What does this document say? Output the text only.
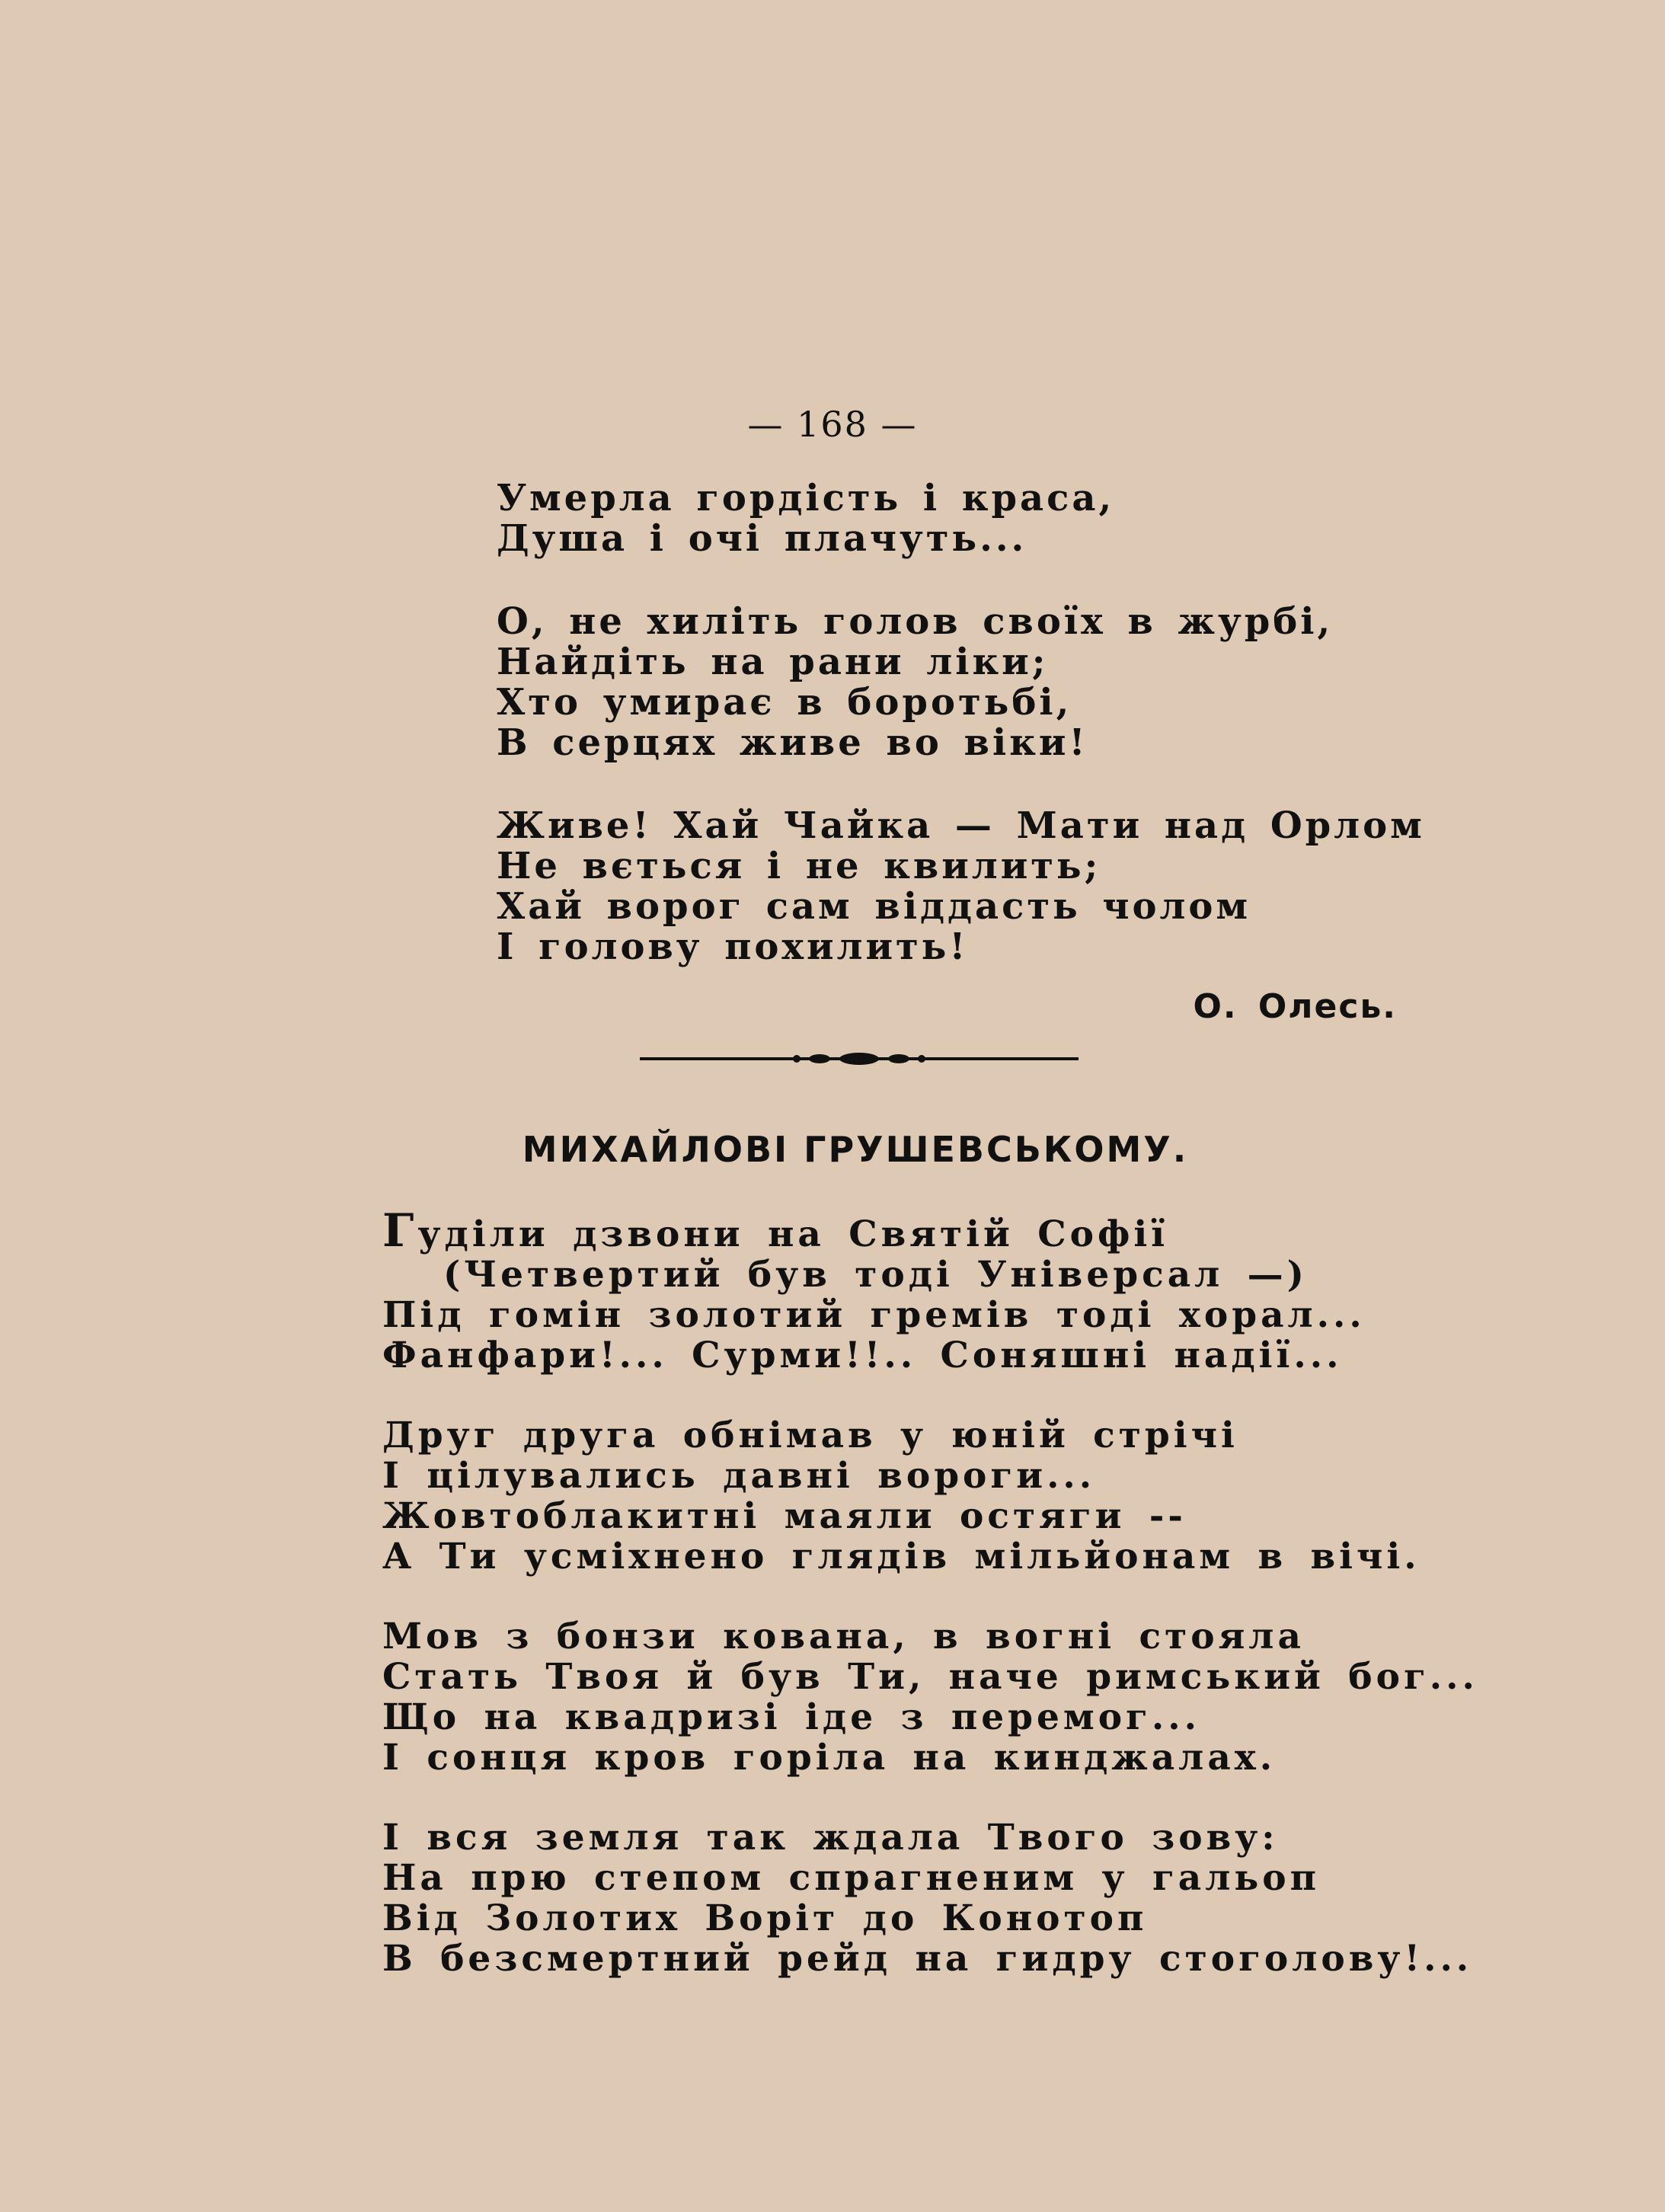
— 168 —
Умерла гордість і краса,
Душа і очі плачуть...
О, не хиліть голов своїх в журбі,
Найдіть на рани ліки;
Хто умирає в боротьбі,
В серцях живе во віки!
Живе! Хай Чайка — Мати над Орлом
Не вється і не квилить;
Хай ворог сам віддасть чолом
І голову похилить!
О. Олесь.
МИХАЙЛОВІ ГРУШЕВСЬКОМУ.
Гуділи дзвони на Святій Софії
(Четвертий був тоді Універсал —)
Під гомін золотий гремів тоді хорал...
Фанфари!... Сурми!!.. Соняшні надії...
Друг друга обнімав у юній стрічі
І цілувались давні вороги...
Жовтоблакитні маяли остяги --
А Ти усміхнено глядів мільйонам в вічі.
Мов з бонзи кована, в вогні стояла
Стать Твоя й був Ти, наче римський бог...
Що на квадризі іде з перемог...
І сонця кров горіла на кинджалах.
І вся земля так ждала Твого зову:
На прю степом спрагненим у гальоп
Від Золотих Воріт до Конотоп
В безсмертний рейд на гидру стоголову!...
